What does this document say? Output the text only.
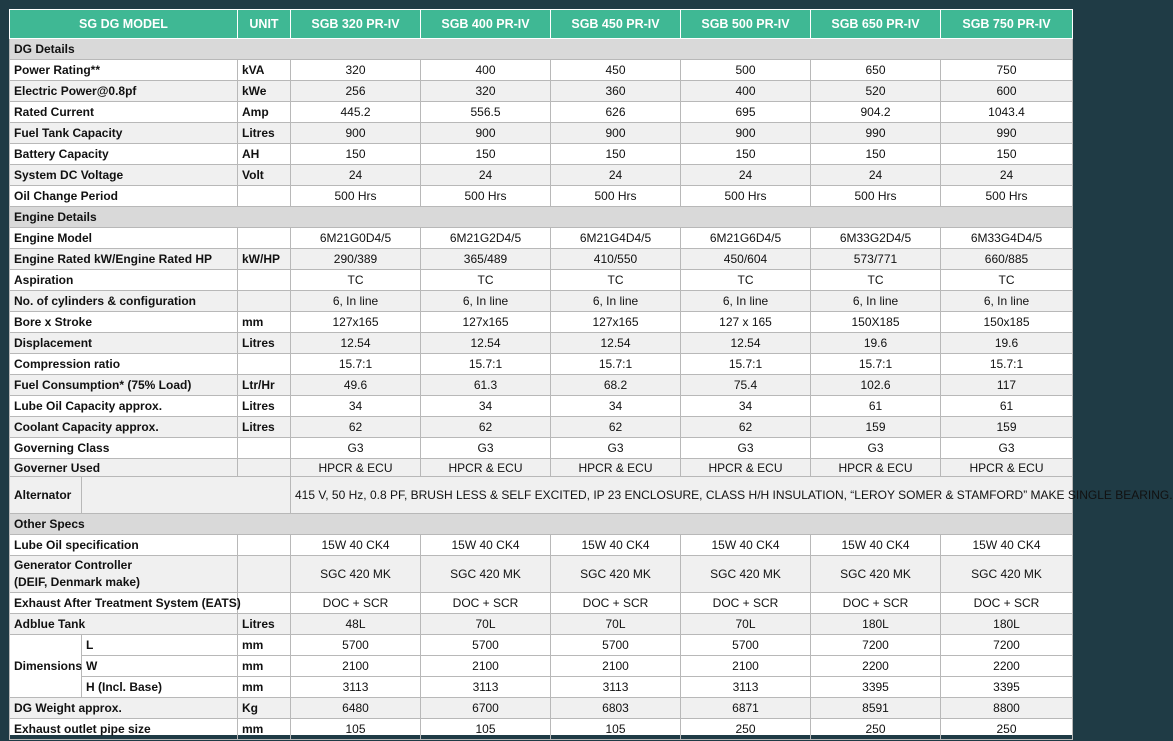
SG DG MODEL		UNIT	SGB 320 PR-IV	SGB 400 PR-IV	SGB 450 PR-IV	SGB 500 PR-IV	SGB 650 PR-IV	SGB 750 PR-IV
DG Details								
Power Rating**		kVA	320	400	450	500	650	750
Electric Power@0.8pf		kWe	256	320	360	400	520	600
Rated Current		Amp	445.2	556.5	626	695	904.2	1043.4
Fuel Tank Capacity		Litres	900	900	900	900	990	990
Battery Capacity		AH	150	150	150	150	150	150
System DC Voltage		Volt	24	24	24	24	24	24
Oil Change Period			500 Hrs	500 Hrs	500 Hrs	500 Hrs	500 Hrs	500 Hrs
Engine Details								
Engine Model			6M21G0D4/5	6M21G2D4/5	6M21G4D4/5	6M21G6D4/5	6M33G2D4/5	6M33G4D4/5
Engine Rated kW/Engine Rated HP		kW/HP	290/389	365/489	410/550	450/604	573/771	660/885
Aspiration			TC	TC	TC	TC	TC	TC
No. of cylinders & configuration			6, In line	6, In line	6, In line	6, In line	6, In line	6, In line
Bore x Stroke		mm	127x165	127x165	127x165	127 x 165	150X185	150x185
Displacement		Litres	12.54	12.54	12.54	12.54	19.6	19.6
Compression ratio			15.7:1	15.7:1	15.7:1	15.7:1	15.7:1	15.7:1
Fuel Consumption* (75% Load)		Ltr/Hr	49.6	61.3	68.2	75.4	102.6	117
Lube Oil Capacity approx.		Litres	34	34	34	34	61	61
Coolant Capacity approx.		Litres	62	62	62	62	159	159
Governing Class			G3	G3	G3	G3	G3	G3
Governer Used			HPCR & ECU	HPCR & ECU	HPCR & ECU	HPCR & ECU	HPCR & ECU	HPCR & ECU
Alternator			415 V, 50 Hz, 0.8 PF, BRUSH LESS & SELF EXCITED, IP 23 ENCLOSURE, CLASS H/H INSULATION, “LEROY SOMER & STAMFORD” MAKE SINGLE BEARING.					
Other Specs								
Lube Oil specification			15W 40 CK4	15W 40 CK4	15W 40 CK4	15W 40 CK4	15W 40 CK4	15W 40 CK4

Generator Controller
(DEIF, Denmark make)			SGC 420 MK	SGC 420 MK	SGC 420 MK	SGC 420 MK	SGC 420 MK	SGC 420 MK
Exhaust After Treatment System (EATS)			DOC + SCR	DOC + SCR	DOC + SCR	DOC + SCR	DOC + SCR	DOC + SCR
Adblue Tank		Litres	48L	70L	70L	70L	180L	180L
Dimensions	L	mm	5700	5700	5700	5700	7200	7200
	W	mm	2100	2100	2100	2100	2200	2200
	H (Incl. Base)	mm	3113	3113	3113	3113	3395	3395
DG Weight approx.		Kg	6480	6700	6803	6871	8591	8800
Exhaust outlet pipe size		mm	105	105	105	250	250	250
